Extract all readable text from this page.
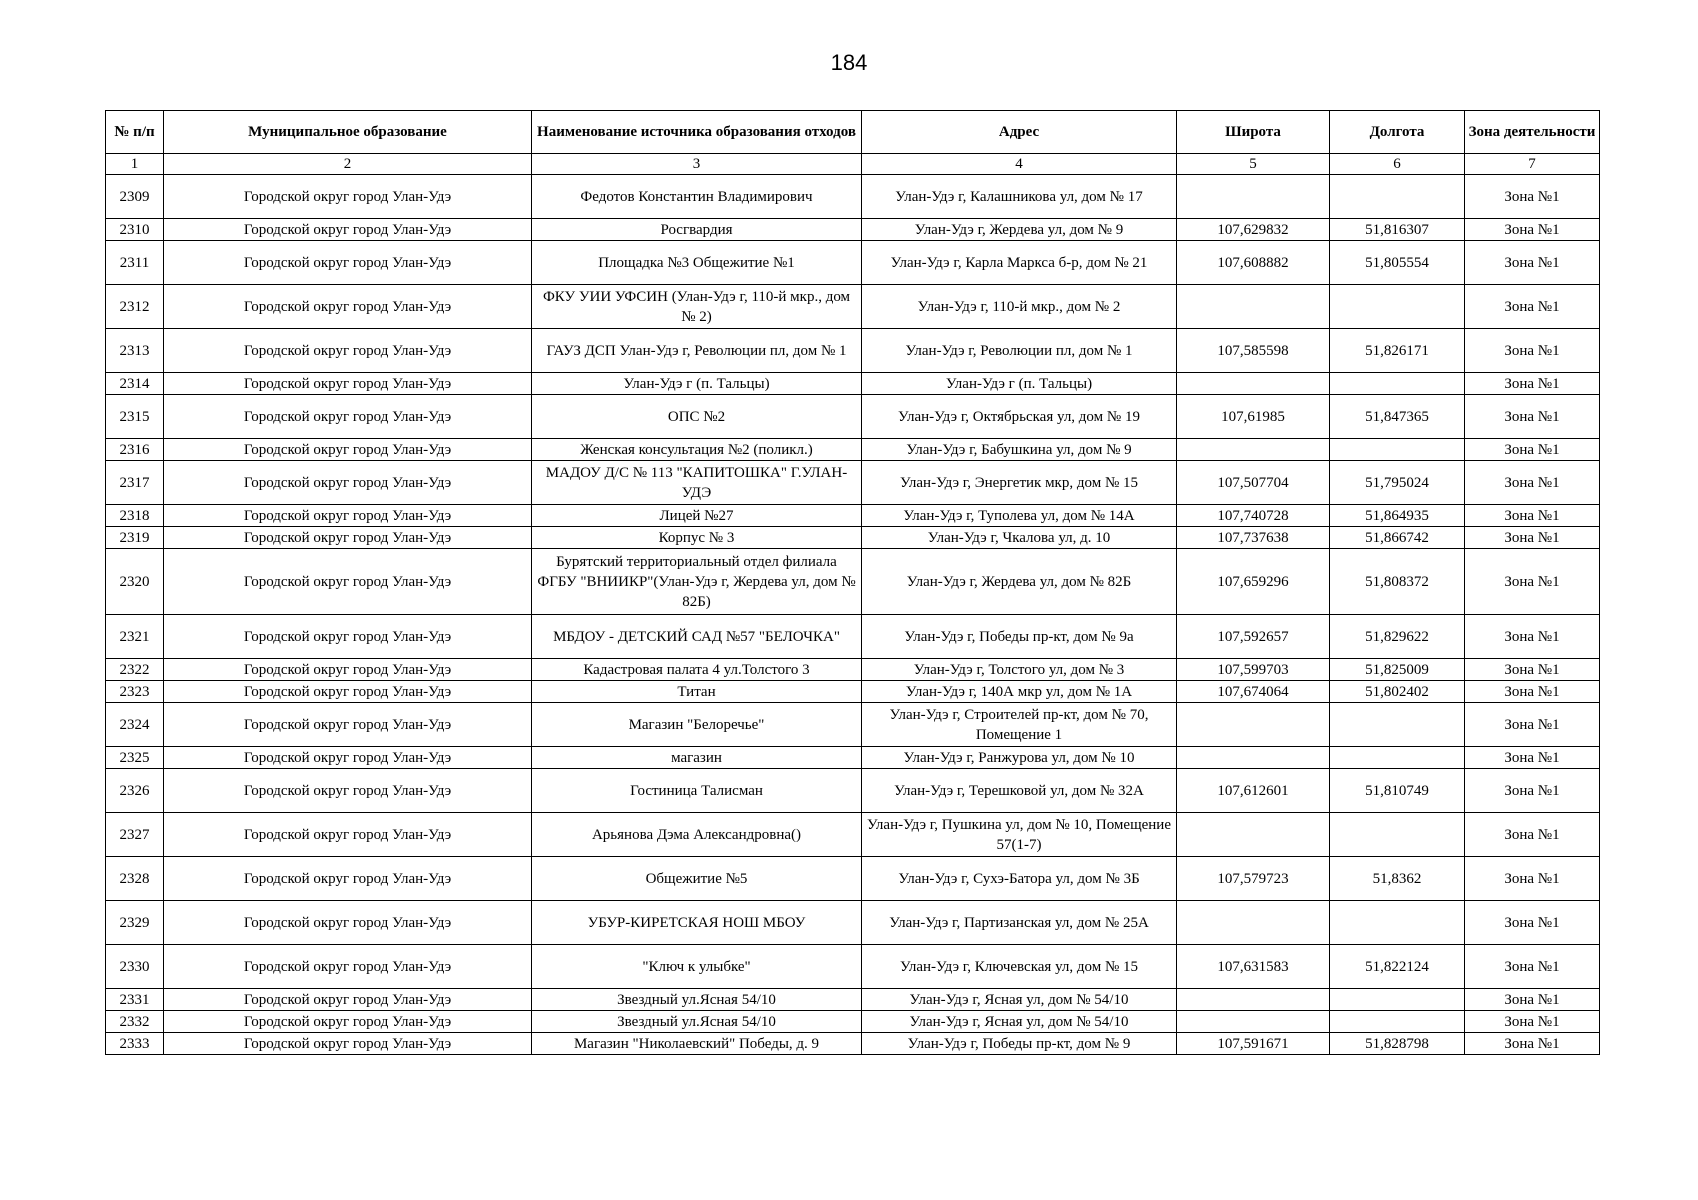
184
№ п/п	Муниципальное образование	Наименование источника образования отходов	Адрес	Широта	Долгота	Зона деятельности
1	2	3	4	5	6	7
2309	Городской округ город Улан-Удэ	Федотов Константин Владимирович	Улан-Удэ г, Калашникова ул, дом № 17			Зона №1
2310	Городской округ город Улан-Удэ	Росгвардия	Улан-Удэ г, Жердева ул, дом № 9	107,629832	51,816307	Зона №1
2311	Городской округ город Улан-Удэ	Площадка №3 Общежитие №1	Улан-Удэ г, Карла Маркса б-р, дом № 21	107,608882	51,805554	Зона №1
2312	Городской округ город Улан-Удэ	ФКУ УИИ УФСИН (Улан-Удэ г, 110-й мкр., дом № 2)	Улан-Удэ г, 110-й мкр., дом № 2			Зона №1
2313	Городской округ город Улан-Удэ	ГАУЗ ДСП Улан-Удэ г, Революции пл, дом № 1	Улан-Удэ г, Революции пл, дом № 1	107,585598	51,826171	Зона №1
2314	Городской округ город Улан-Удэ	Улан-Удэ г (п. Тальцы)	Улан-Удэ г (п. Тальцы)			Зона №1
2315	Городской округ город Улан-Удэ	ОПС №2	Улан-Удэ г, Октябрьская ул, дом № 19	107,61985	51,847365	Зона №1
2316	Городской округ город Улан-Удэ	Женская консультация №2 (поликл.)	Улан-Удэ г, Бабушкина ул, дом № 9			Зона №1
2317	Городской округ город Улан-Удэ	МАДОУ Д/С № 113 "КАПИТОШКА" Г.УЛАН-УДЭ	Улан-Удэ г, Энергетик мкр, дом № 15	107,507704	51,795024	Зона №1
2318	Городской округ город Улан-Удэ	Лицей №27	Улан-Удэ г, Туполева ул, дом № 14А	107,740728	51,864935	Зона №1
2319	Городской округ город Улан-Удэ	Корпус № 3	Улан-Удэ г, Чкалова ул, д. 10	107,737638	51,866742	Зона №1
2320	Городской округ город Улан-Удэ	Бурятский территориальный отдел филиала ФГБУ "ВНИИКР"(Улан-Удэ г, Жердева ул, дом № 82Б)	Улан-Удэ г, Жердева ул, дом № 82Б	107,659296	51,808372	Зона №1
2321	Городской округ город Улан-Удэ	МБДОУ - ДЕТСКИЙ САД №57 "БЕЛОЧКА"	Улан-Удэ г, Победы пр-кт, дом № 9а	107,592657	51,829622	Зона №1
2322	Городской округ город Улан-Удэ	Кадастровая палата 4 ул.Толстого 3	Улан-Удэ г, Толстого ул, дом № 3	107,599703	51,825009	Зона №1
2323	Городской округ город Улан-Удэ	Титан	Улан-Удэ г, 140А мкр ул, дом № 1А	107,674064	51,802402	Зона №1
2324	Городской округ город Улан-Удэ	Магазин "Белоречье"	Улан-Удэ г, Строителей пр-кт, дом № 70, Помещение 1			Зона №1
2325	Городской округ город Улан-Удэ	магазин	Улан-Удэ г, Ранжурова ул, дом № 10			Зона №1
2326	Городской округ город Улан-Удэ	Гостиница Талисман	Улан-Удэ г, Терешковой ул, дом № 32А	107,612601	51,810749	Зона №1
2327	Городской округ город Улан-Удэ	Арьянова Дэма Александровна()	Улан-Удэ г, Пушкина ул, дом № 10, Помещение 57(1-7)			Зона №1
2328	Городской округ город Улан-Удэ	Общежитие №5	Улан-Удэ г, Сухэ-Батора ул, дом № 3Б	107,579723	51,8362	Зона №1
2329	Городской округ город Улан-Удэ	УБУР-КИРЕТСКАЯ НОШ МБОУ	Улан-Удэ г, Партизанская ул, дом № 25А			Зона №1
2330	Городской округ город Улан-Удэ	"Ключ к улыбке"	Улан-Удэ г, Ключевская ул, дом № 15	107,631583	51,822124	Зона №1
2331	Городской округ город Улан-Удэ	Звездный ул.Ясная 54/10	Улан-Удэ г, Ясная ул, дом № 54/10			Зона №1
2332	Городской округ город Улан-Удэ	Звездный ул.Ясная 54/10	Улан-Удэ г, Ясная ул, дом № 54/10			Зона №1
2333	Городской округ город Улан-Удэ	Магазин "Николаевский" Победы, д. 9	Улан-Удэ г, Победы пр-кт, дом № 9	107,591671	51,828798	Зона №1
